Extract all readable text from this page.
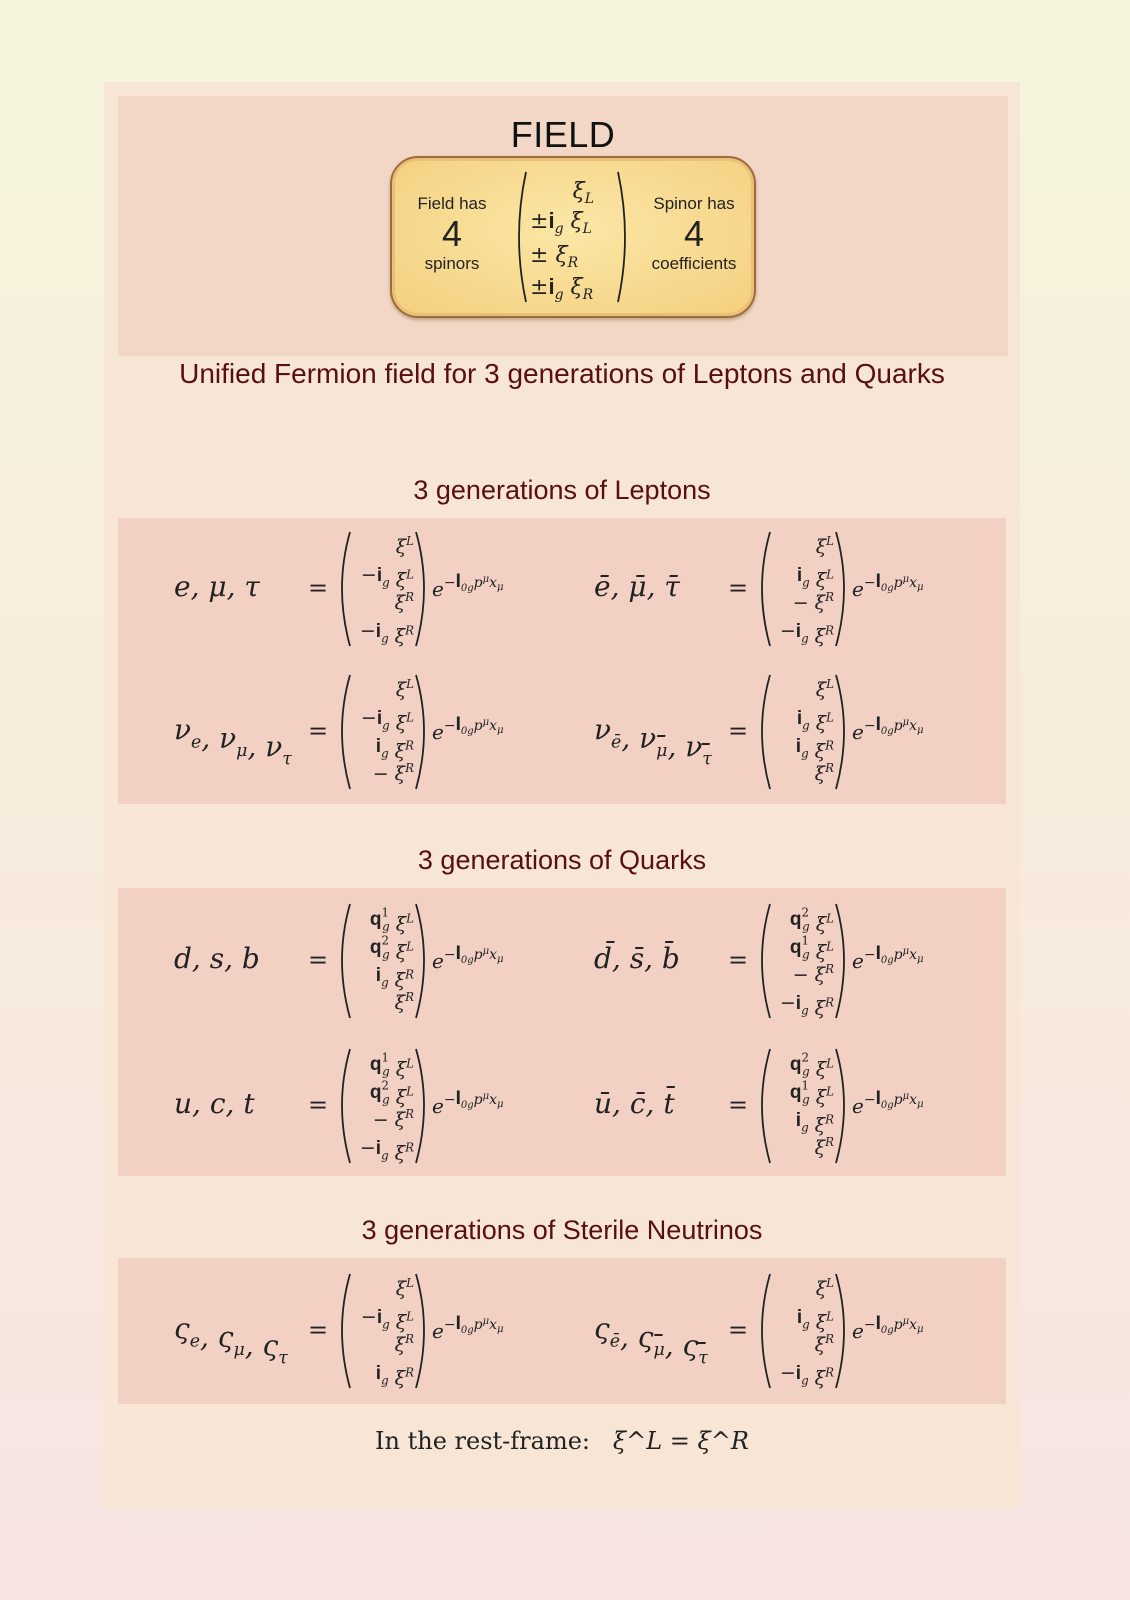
FIELD
Field has
4
spinors
$\xi_L$
$\pm i_g$ $\xi_L$
± $\xi_R$
$\pm i_g$ $\xi_R$
Spinor has
4
coefficients
Unified Fermion field for 3 generations of Leptons and Quarks
3 generations of Leptons
e, μ, τ =
$\xi^L$
$-i_g$ $\xi^L$
$\xi^R$
$-i_g$ $\xi^R$
$e^-I_{0g}^{p\mu}_x\mu$	ē, μ̄, τ̄ =
$\xi^L$
$i_g$ $\xi^L$
− $\xi^R$
$-i_g$ $\xi^R$
$e^-I_{0g}^{p\mu}_x\mu$
$\nu_e$, $\nu_\mu$, $\nu_\tau$
=
$\xi^L$
$-i_g$ $\xi^L$
$i_g$ $\xi^R$
− $\xi^R$
$e^-I_{0g}^{p\mu}_x\mu$	$\nu_ē$, $\nu_\mū$, $\nu_\tau$
=
$\xi^L$
$i_g$ $\xi^L$
$i_g$ $\xi^R$
$\xi^R$
$e^-I_{0g}^{p\mu}_x\mu$
3 generations of Quarks
d, s, b =
$q^1$ g $\xi^L$
$q^2$ g $\xi^L$
$i_g$ $\xi^R$
$\xi^R$
$e^-I_{0g}^{p\mu}_x\mu$	d̄, s̄, b̄ =
$q^2$ g $\xi^L$
$q^1$ g $\xi^L$
− $\xi^R$
$-i_g$ $\xi^R$
$e^-I_{0g}^{p\mu}_x\mu$
u, c, t =
$q^1$ g $\xi^L$
$q^2$ g $\xi^L$
− $\xi^R$
$-i_g$ $\xi^R$
$e^-I_{0g}^{p\mu}_x\mu$	ū, c̄, t̄ =
$q^2$ g $\xi^L$
$q^1$ g $\xi^L$
$i_g$ $\xi^R$
$\xi^R$
$e^-I_{0g}^{p\mu}_x\mu$
3 generations of Sterile Neutrinos
$\varsigma_e$, $\varsigma_\mu$, $\varsigma_\tau$
=
$\xi^L$
$-i_g$ $\xi^L$
$\xi^R$
$i_g$ $\xi^R$
$e^-I_{0g}^{p\mu}_x\mu$	$\varsigma_ē$, $\varsigma_\mū$, $\varsigma_\tau$
=
$\xi^L$
$i_g$ $\xi^L$
$\xi^R$
$-i_g$ $\xi^R$
$e^-I_{0g}^{p\mu}_x\mu$
In the rest-frame: ξ^L = ξ^R
